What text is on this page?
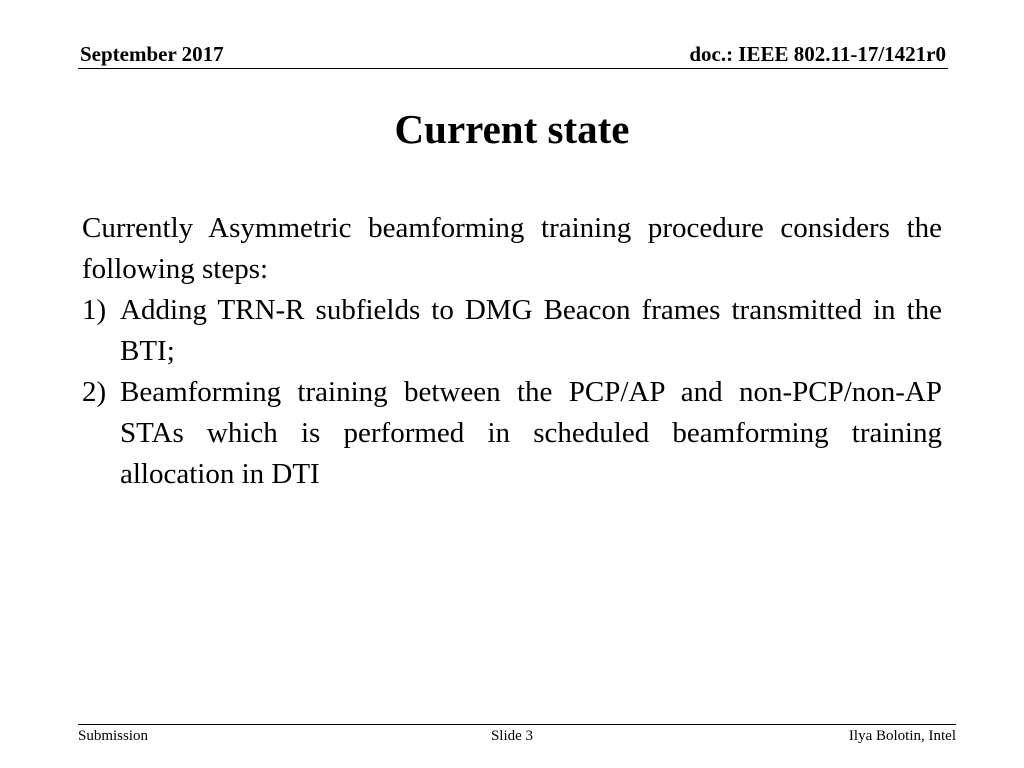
September 2017	doc.: IEEE 802.11-17/1421r0
Current state

Currently Asymmetric beamforming training procedure considers the following steps:

1) Adding TRN-R subfields to DMG Beacon frames transmitted in the BTI;
2) Beamforming training between the PCP/AP and non-PCP/non-AP STAs which is performed in scheduled beamforming training allocation in DTI
Submission	Slide 3	Ilya Bolotin, Intel
